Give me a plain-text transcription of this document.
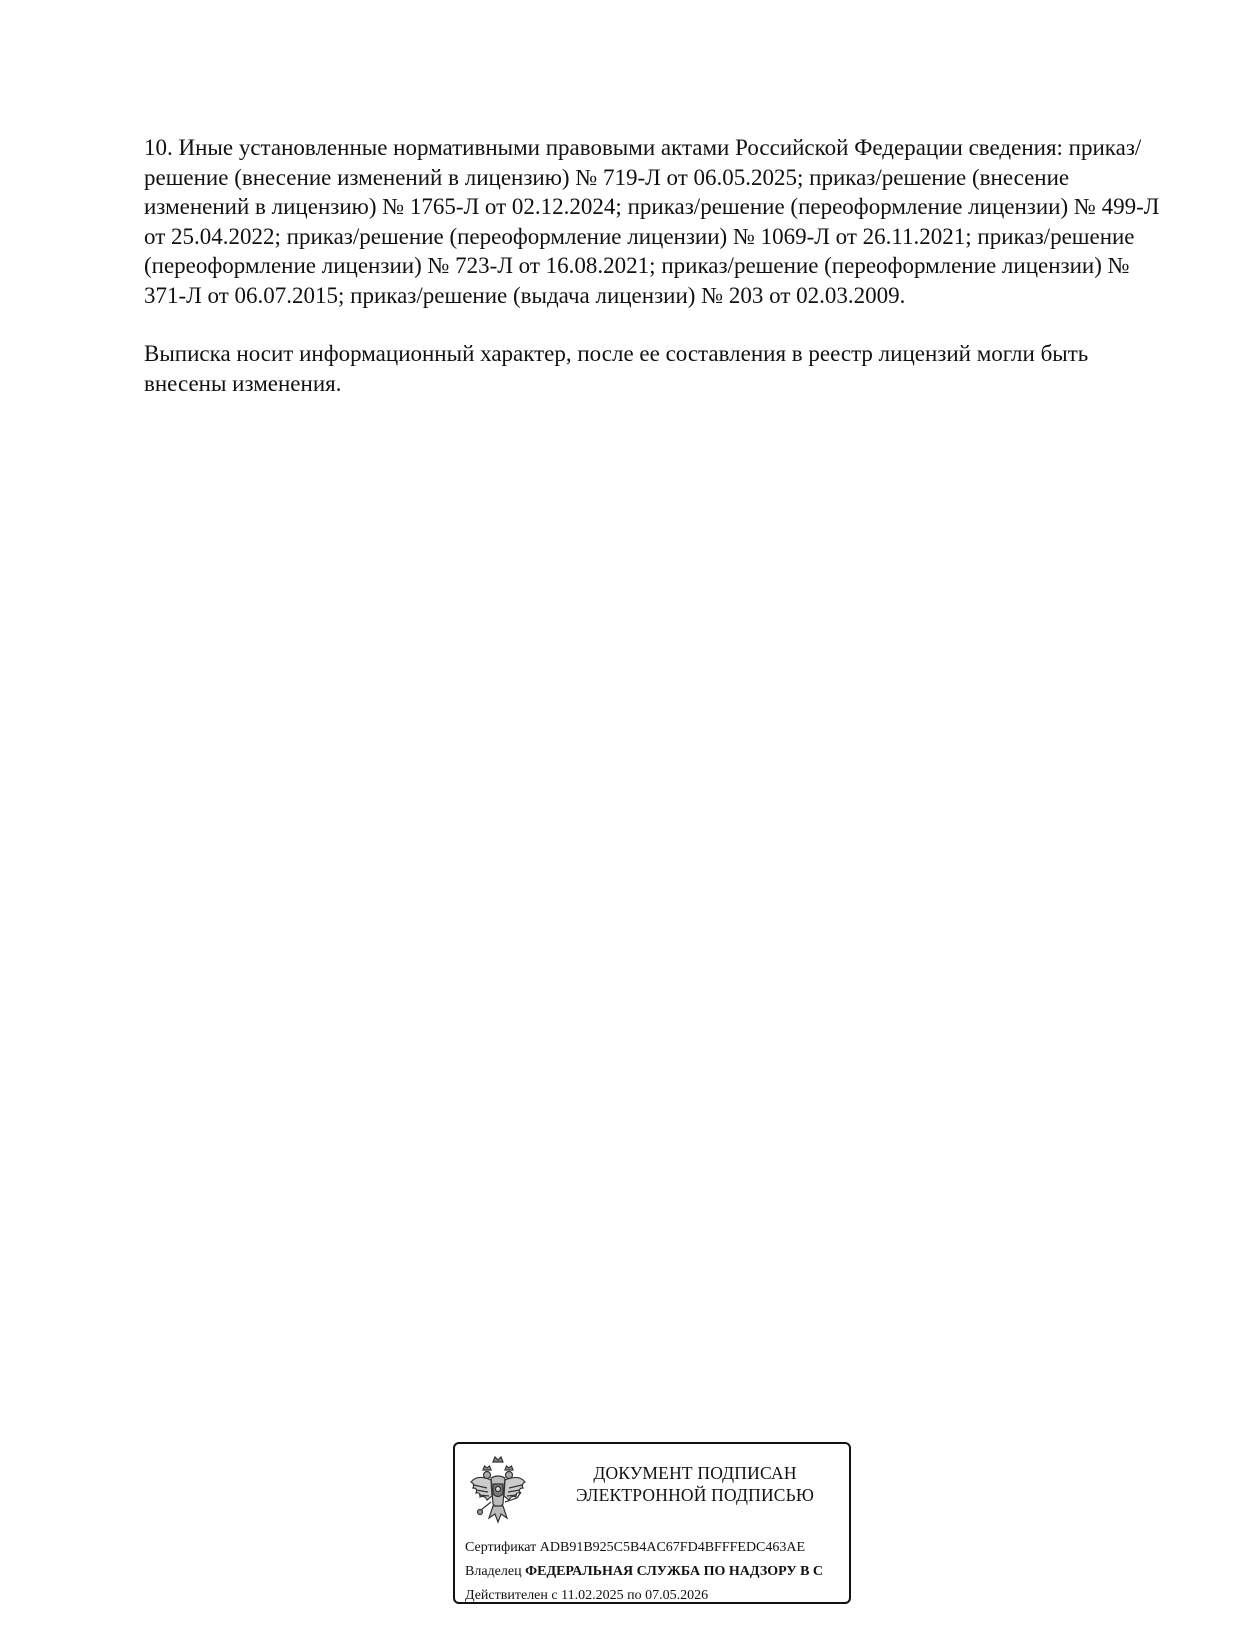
10. Иные установленные нормативными правовыми актами Российской Федерации сведения: приказ/решение (внесение изменений в лицензию) № 719-Л от 06.05.2025; приказ/решение (внесение изменений в лицензию) № 1765-Л от 02.12.2024; приказ/решение (переоформление лицензии) № 499-Л от 25.04.2022; приказ/решение (переоформление лицензии) № 1069-Л от 26.11.2021; приказ/решение (переоформление лицензии) № 723-Л от 16.08.2021; приказ/решение (переоформление лицензии) № 371-Л от 06.07.2015; приказ/решение (выдача лицензии) № 203 от 02.03.2009.

Выписка носит информационный характер, после ее составления в реестр лицензий могли быть внесены изменения.

ДОКУМЕНТ ПОДПИСАН
ЭЛЕКТРОННОЙ ПОДПИСЬЮ
Сертификат ADB91B925C5B4AC67FD4BFFFEDC463AE
Владелец ФЕДЕРАЛЬНАЯ СЛУЖБА ПО НАДЗОРУ В С
Действителен с 11.02.2025 по 07.05.2026
